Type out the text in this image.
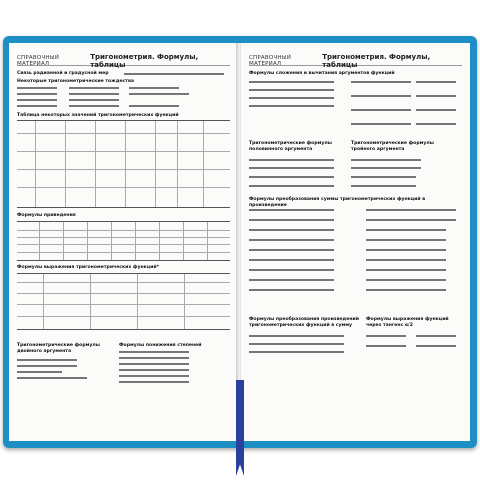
СПРАВОЧНЫЙ МАТЕРИАЛ
Тригонометрия. Формулы, таблицы
Связь радианной и градусной мер
Некоторые тригонометрические тождества
Таблица некоторых значений тригонометрических функций
Формулы приведения
Формулы выражения тригонометрических функций*
Тригонометрические формулы двойного аргумента
Формулы понижения степеней
СПРАВОЧНЫЙ МАТЕРИАЛ
Тригонометрия. Формулы, таблицы
Формулы сложения и вычитания аргументов функций
Тригонометрические формулы половинного аргумента
Тригонометрические формулы тройного аргумента
Формулы преобразования суммы тригонометрических функций в произведение
Формулы преобразования произведений тригонометрических функций в сумму
Формулы выражения функций через тангенс α/2
